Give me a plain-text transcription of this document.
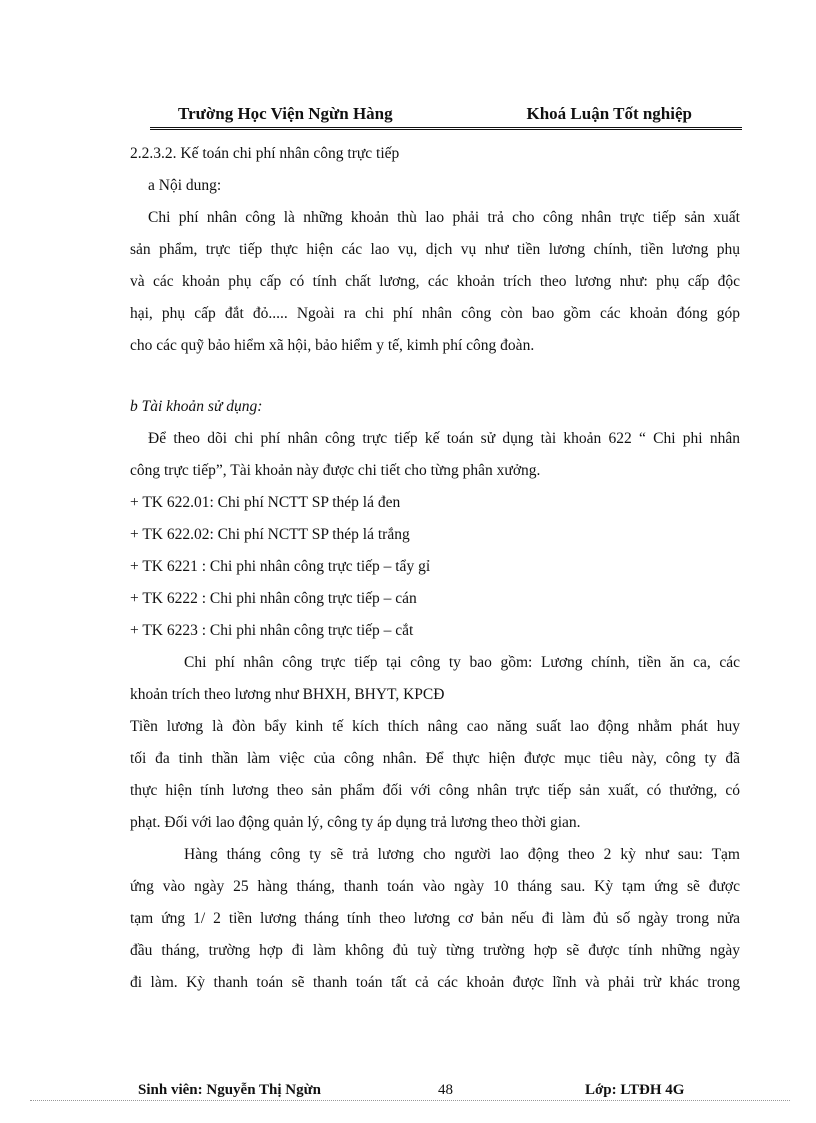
Trường Học Viện Ngừn Hàng	Khoá Luận Tốt nghiệp
2.2.3.2. Kế toán chi phí nhân công trực tiếp
a Nội dung:
Chi phí nhân công là những khoản thù lao phải trả cho công nhân trực tiếp sản xuất
sản phẩm, trực tiếp thực hiện các lao vụ, dịch vụ như tiền lương chính, tiền lương phụ
và các khoản phụ cấp có tính chất lương, các khoản trích theo lương như: phụ cấp độc
hại, phụ cấp đắt đỏ..... Ngoài ra chi phí nhân công còn bao gồm các khoản đóng góp
cho các quỹ bảo hiểm xã hội, bảo hiểm y tế, kimh phí công đoàn.
b Tài khoản sử dụng:
Để theo dõi chi phí nhân công trực tiếp kế toán sử dụng tài khoản 622 “ Chi phi nhân
công trực tiếp”, Tài khoản này được chi tiết cho từng phân xưởng.
+ TK 622.01: Chi phí NCTT SP thép lá đen
+ TK 622.02: Chi phí NCTT SP thép lá trắng
+ TK 6221 : Chi phi nhân công trực tiếp – tẩy gỉ
+ TK 6222 : Chi phi nhân công trực tiếp – cán
+ TK 6223 : Chi phi nhân công trực tiếp – cắt
Chi phí nhân công trực tiếp tại công ty bao gồm: Lương chính, tiền ăn ca, các
khoản trích theo lương như BHXH, BHYT, KPCĐ
Tiền lương là đòn bẩy kinh tế kích thích nâng cao năng suất lao động nhằm phát huy
tối đa tinh thần làm việc của công nhân. Để thực hiện được mục tiêu này, công ty đã
thực hiện tính lương theo sản phẩm đối với công nhân trực tiếp sản xuất, có thưởng, có
phạt. Đối với lao động quản lý, công ty áp dụng trả lương theo thời gian.
Hàng tháng công ty sẽ trả lương cho người lao động theo 2 kỳ như sau: Tạm
ứng vào ngày 25 hàng tháng, thanh toán vào ngày 10 tháng sau. Kỳ tạm ứng sẽ được
tạm ứng 1/ 2 tiền lương tháng tính theo lương cơ bản nếu đi làm đủ số ngày trong nửa
đầu tháng, trường hợp đi làm không đủ tuỳ từng trường hợp sẽ được tính những ngày
đi làm. Kỳ thanh toán sẽ thanh toán tất cả các khoản được lĩnh và phải trừ khác trong
Sinh viên: Nguyễn Thị Ngừn	48	Lớp: LTĐH 4G
